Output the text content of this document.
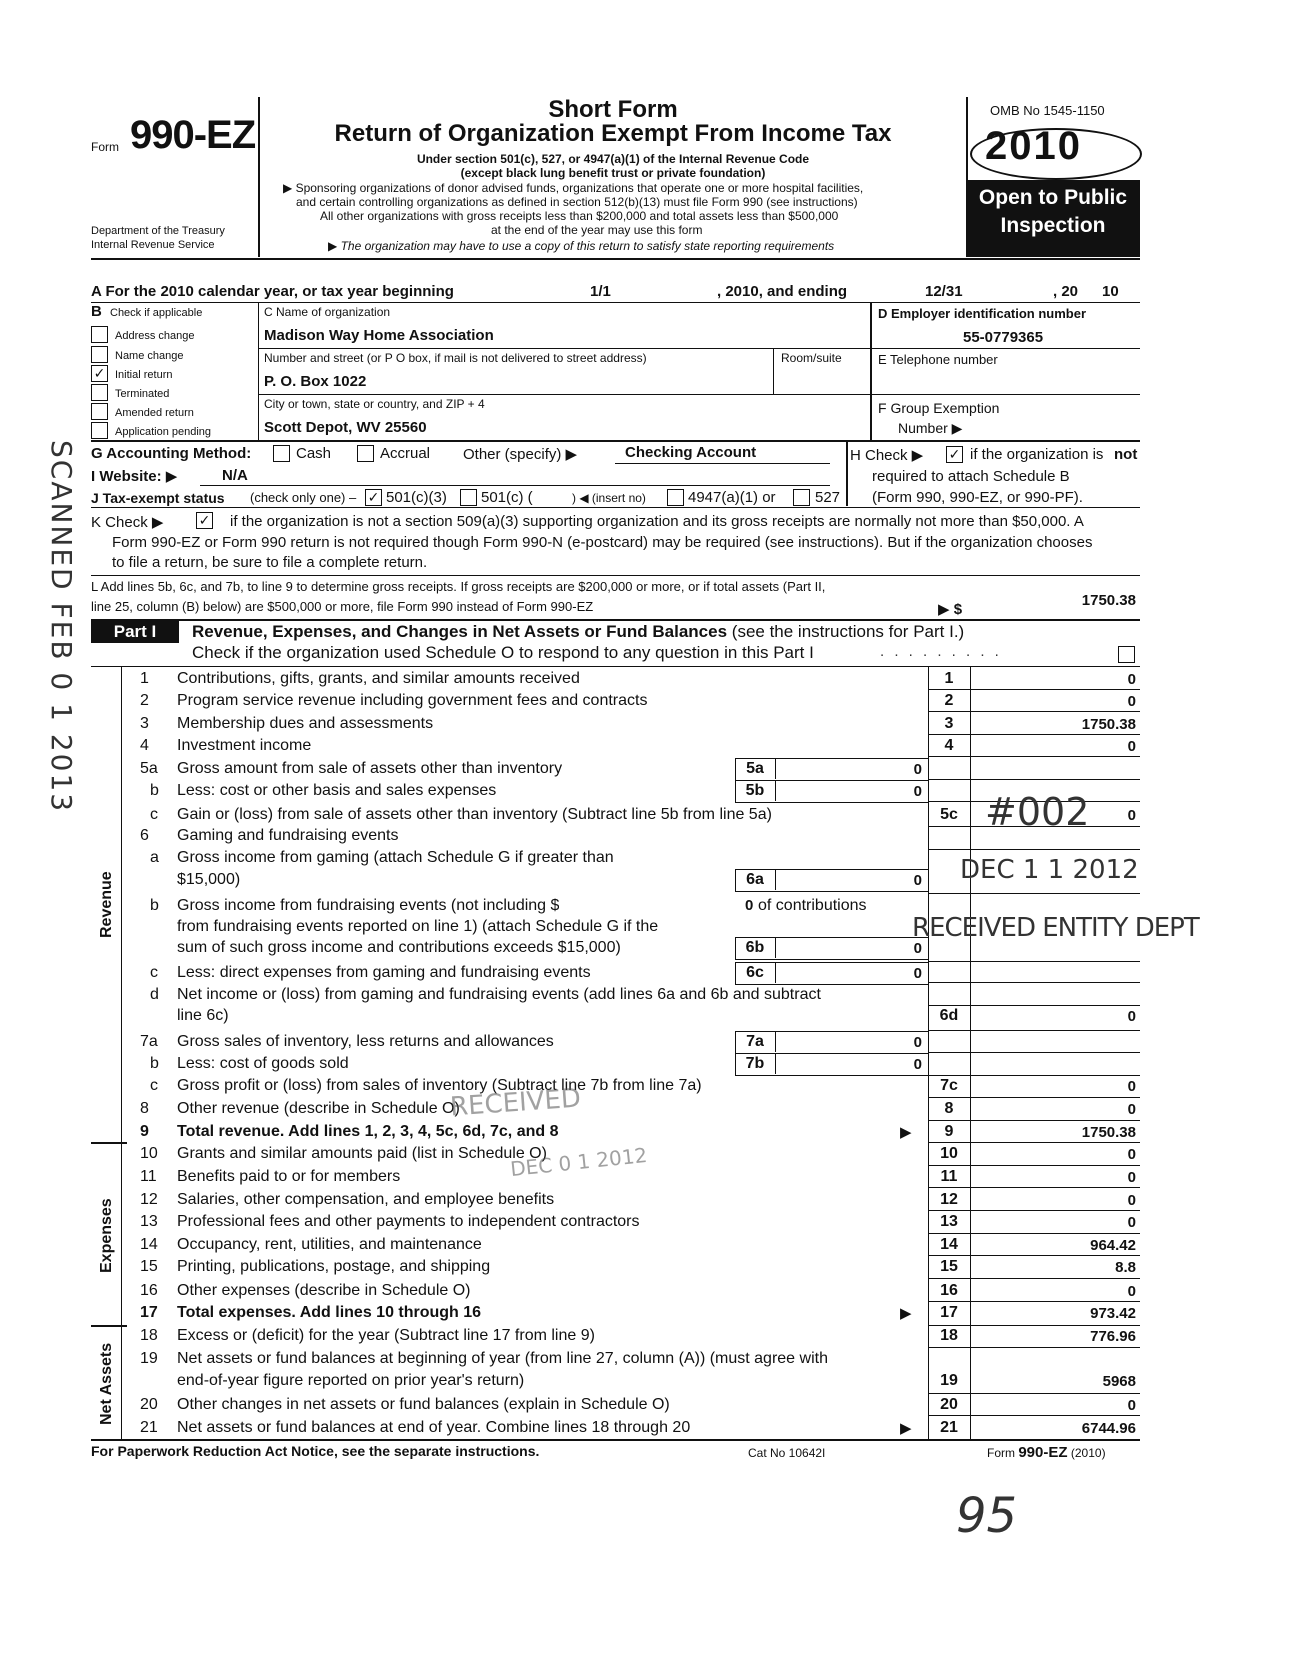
Form 990-EZ
Department of the Treasury
Internal Revenue Service
Short Form
Return of Organization Exempt From Income Tax
Under section 501(c), 527, or 4947(a)(1) of the Internal Revenue Code
(except black lung benefit trust or private foundation)
▶ Sponsoring organizations of donor advised funds, organizations that operate one or more hospital facilities,
and certain controlling organizations as defined in section 512(b)(13) must file Form 990 (see instructions)
All other organizations with gross receipts less than $200,000 and total assets less than $500,000
at the end of the year may use this form
▶ The organization may have to use a copy of this return to satisfy state reporting requirements
OMB No 1545-1150
2010
Open to Public
Inspection
A For the 2010 calendar year, or tax year beginning	1/1	, 2010, and ending	12/31	, 20 10
B Check if applicable
Address change
Name change
✓ Initial return
Terminated
Amended return
Application pending
C Name of organization
Madison Way Home Association
Number and street (or P O box, if mail is not delivered to street address)	Room/suite
P. O. Box 1022
City or town, state or country, and ZIP + 4
Scott Depot, WV 25560
D Employer identification number
55-0779365
E Telephone number
F Group Exemption
Number ▶
G Accounting Method:	Cash	Accrual Other (specify) ▶	Checking Account	H Check ▶ ✓ if the organization is not
required to attach Schedule B
(Form 990, 990-EZ, or 990-PF).
I Website: ▶	N/A
J Tax-exempt status (check only one) – ✓ 501(c)(3) 501(c) (	) ◀ (insert no)	4947(a)(1) or	527
K Check ▶	✓ if the organization is not a section 509(a)(3) supporting organization and its gross receipts are normally not more than $50,000. A
Form 990-EZ or Form 990 return is not required though Form 990-N (e-postcard) may be required (see instructions). But if the organization chooses
to file a return, be sure to file a complete return.
L Add lines 5b, 6c, and 7b, to line 9 to determine gross receipts. If gross receipts are $200,000 or more, or if total assets (Part II,
line 25, column (B) below) are $500,000 or more, file Form 990 instead of Form 990-EZ	▶ $
1750.38
Part I	Revenue, Expenses, and Changes in Net Assets or Fund Balances (see the instructions for Part I.)
Check if the organization used Schedule O to respond to any question in this Part I	. . . . . . . . .
Revenue
Expenses
Net Assets
1 Contributions, gifts, grants, and similar amounts received	1	0
2 Program service revenue including government fees and contracts	2	0
3 Membership dues and assessments	3	1750.38
4 Investment income	4	0
5a Gross amount from sale of assets other than inventory	5a	0
b Less: cost or other basis and sales expenses	5b	0
c Gain or (loss) from sale of assets other than inventory (Subtract line 5b from line 5a)	5c	0
6 Gaming and fundraising events
a Gross income from gaming (attach Schedule G if greater than
$15,000)	6a	0
b Gross income from fundraising events (not including $
from fundraising events reported on line 1) (attach Schedule G if the
sum of such gross income and contributions exceeds $15,000)
0 of contributions
6b	0
c Less: direct expenses from gaming and fundraising events	6c	0
d Net income or (loss) from gaming and fundraising events (add lines 6a and 6b and subtract
line 6c)	6d	0
7a Gross sales of inventory, less returns and allowances	7a	0
b Less: cost of goods sold	7b	0
c Gross profit or (loss) from sales of inventory (Subtract line 7b from line 7a)	7c	0
8 Other revenue (describe in Schedule O)	8	0
9 Total revenue. Add lines 1, 2, 3, 4, 5c, 6d, 7c, and 8	9	1750.38
10 Grants and similar amounts paid (list in Schedule O)	10	0
11 Benefits paid to or for members	11	0
12 Salaries, other compensation, and employee benefits	12	0
13 Professional fees and other payments to independent contractors	13	0
14 Occupancy, rent, utilities, and maintenance	14	964.42
15 Printing, publications, postage, and shipping	15	8.8
16 Other expenses (describe in Schedule O)	16	0
17 Total expenses. Add lines 10 through 16	17	973.42
18 Excess or (deficit) for the year (Subtract line 17 from line 9)	18	776.96
19 Net assets or fund balances at beginning of year (from line 27, column (A)) (must agree with
end-of-year figure reported on prior year's return)	19	5968
20 Other changes in net assets or fund balances (explain in Schedule O)	20	0
21 Net assets or fund balances at end of year. Combine lines 18 through 20	21	6744.96
▶
▶
▶
For Paperwork Reduction Act Notice, see the separate instructions.	Cat No 10642I	Form 990-EZ (2010)
SCANNED FEB 0 1 2013	#002
DEC 1 1 2012
RECEIVED ENTITY DEPT
RECEIVED
DEC 0 1 2012
95
